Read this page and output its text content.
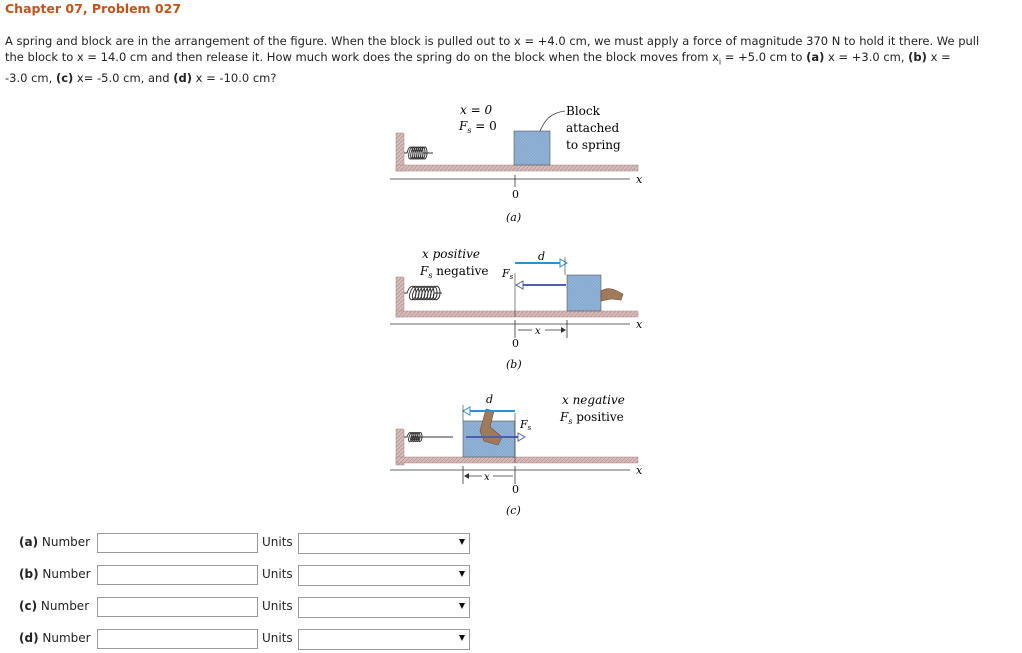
Chapter 07, Problem 027
A spring and block are in the arrangement of the figure. When the block is pulled out to x = +4.0 cm, we must apply a force of magnitude 370 N to hold it there. We pull
the block to x = 14.0 cm and then release it. How much work does the spring do on the block when the block moves from $x_i = +5.0$ cm to (a) x = +3.0 cm, (b) x =
-3.0 cm, (c) x= -5.0 cm, and (d) x = -10.0 cm?
x = 0
$F_s = 0$
Block
attached
to spring
x
0
(a)
x positive
$F_s$ negative
d
Fs
x
x
0
(b)
x negative
$F_s$ positive
d
Fs
x
x
0
(c)
(a) Number	Units
(b) Number	Units
(c) Number	Units
(d) Number	Units
